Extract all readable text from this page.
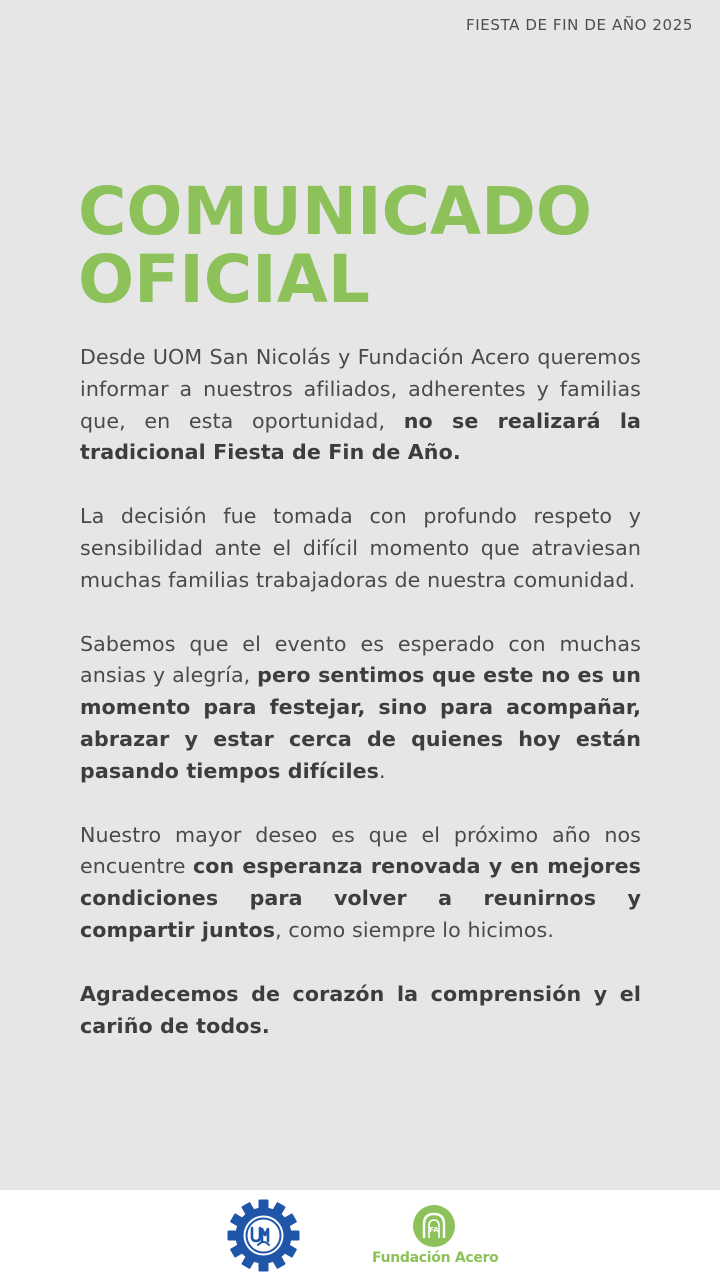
FIESTA DE FIN DE AÑO 2025
COMUNICADO
OFICIAL

Desde UOM San Nicolás y Fundación Acero queremos informar a nuestros afiliados, adherentes y familias que, en esta oportunidad, no se realizará la tradicional Fiesta de Fin de Año.

La decisión fue tomada con profundo respeto y sensibilidad ante el difícil momento que atraviesan muchas familias trabajadoras de nuestra comunidad.

Sabemos que el evento es esperado con muchas ansias y alegría, pero sentimos que este no es un momento para festejar, sino para acompañar, abrazar y estar cerca de quienes hoy están pasando tiempos difíciles.

Nuestro mayor deseo es que el próximo año nos encuentre con esperanza renovada y en mejores condiciones para volver a reunirnos y compartir juntos, como siempre lo hicimos.

Agradecemos de corazón la comprensión y el cariño de todos.

UOM
FA
Fundación Acero
